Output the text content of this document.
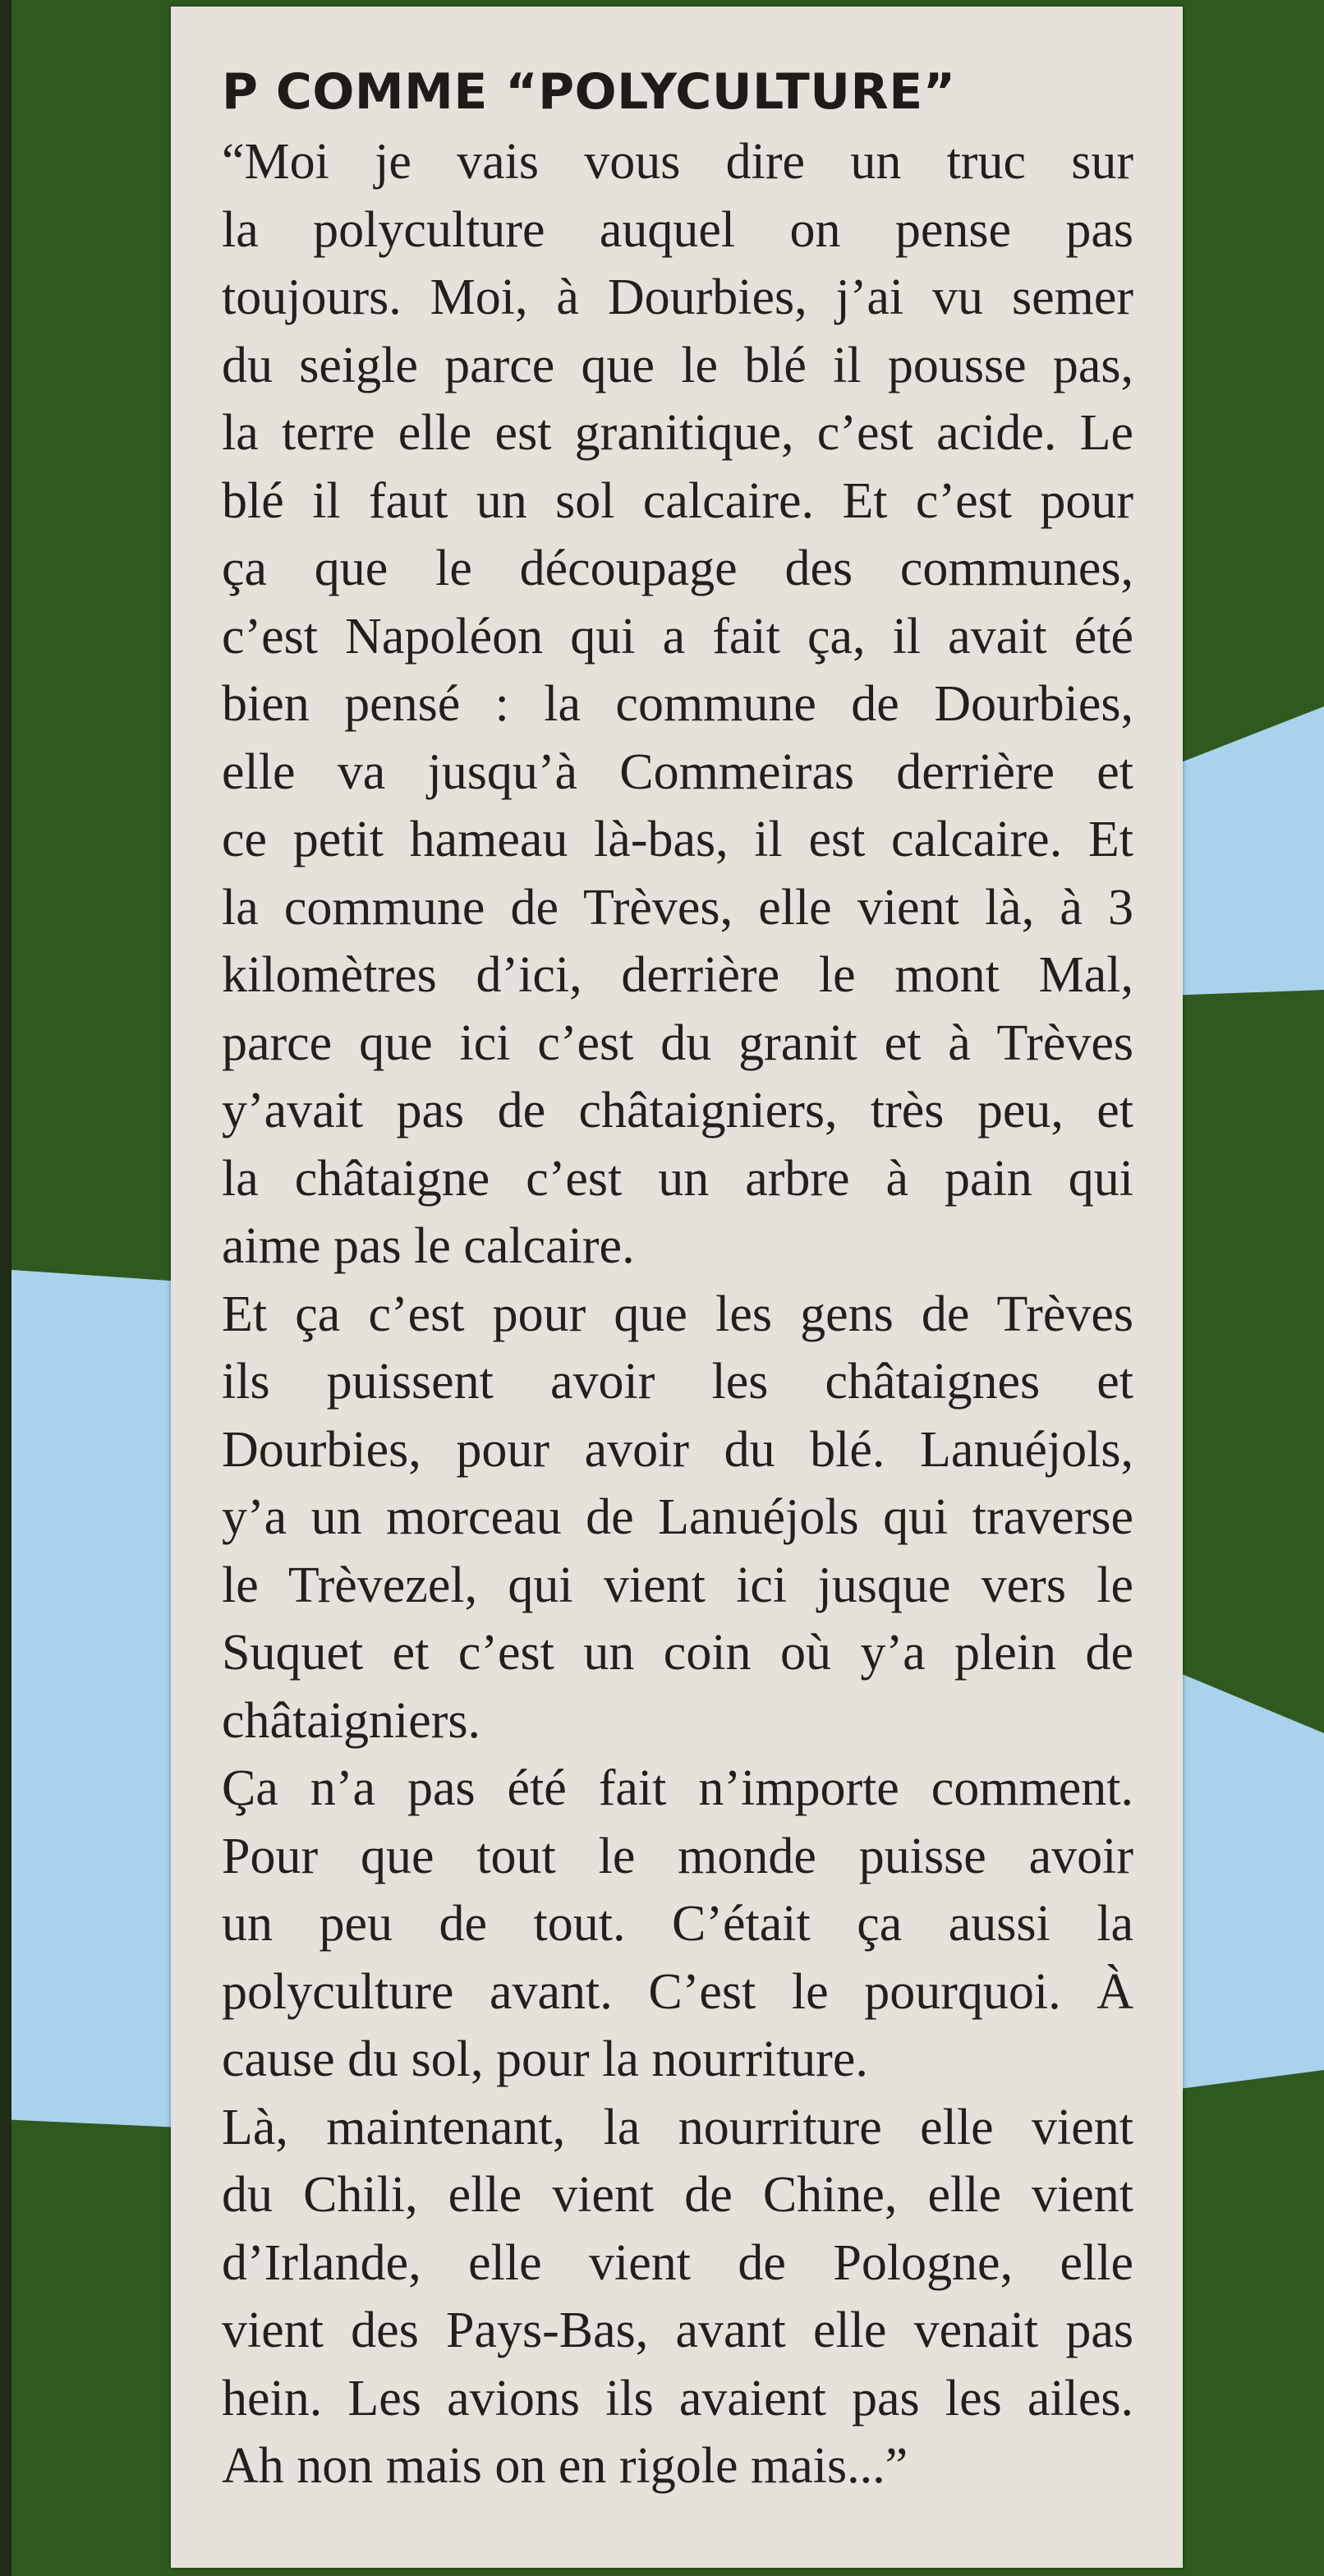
P COMME “POLYCULTURE”

“Moi je vais vous dire un truc sur
la polyculture auquel on pense pas
toujours. Moi, à Dourbies, j’ai vu semer
du seigle parce que le blé il pousse pas,
la terre elle est granitique, c’est acide. Le
blé il faut un sol calcaire. Et c’est pour
ça que le découpage des communes,
c’est Napoléon qui a fait ça, il avait été
bien pensé : la commune de Dourbies,
elle va jusqu’à Commeiras derrière et
ce petit hameau là-bas, il est calcaire. Et
la commune de Trèves, elle vient là, à 3
kilomètres d’ici, derrière le mont Mal,
parce que ici c’est du granit et à Trèves
y’avait pas de châtaigniers, très peu, et
la châtaigne c’est un arbre à pain qui
aime pas le calcaire.

Et ça c’est pour que les gens de Trèves
ils puissent avoir les châtaignes et
Dourbies, pour avoir du blé. Lanuéjols,
y’a un morceau de Lanuéjols qui traverse
le Trèvezel, qui vient ici jusque vers le
Suquet et c’est un coin où y’a plein de
châtaigniers.

Ça n’a pas été fait n’importe comment.
Pour que tout le monde puisse avoir
un peu de tout. C’était ça aussi la
polyculture avant. C’est le pourquoi. À
cause du sol, pour la nourriture.

Là, maintenant, la nourriture elle vient
du Chili, elle vient de Chine, elle vient
d’Irlande, elle vient de Pologne, elle
vient des Pays-Bas, avant elle venait pas
hein. Les avions ils avaient pas les ailes.
Ah non mais on en rigole mais...”
